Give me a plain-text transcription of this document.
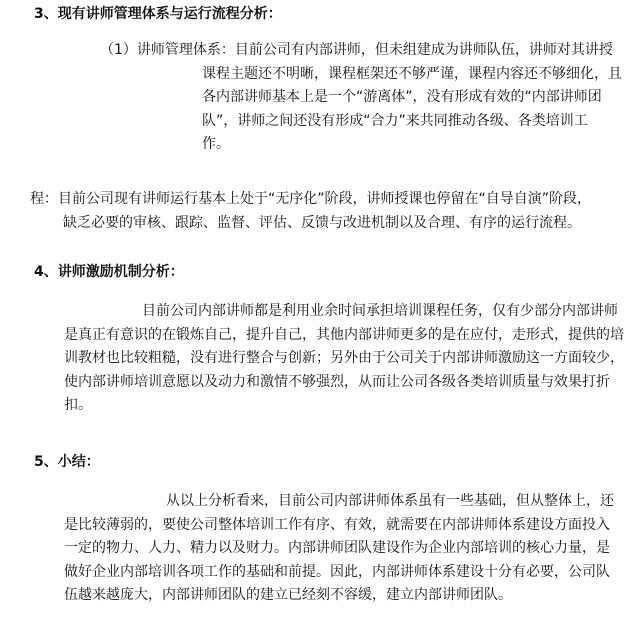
3、现有讲师管理体系与运行流程分析：
（1）讲师管理体系：目前公司有内部讲师，但未组建成为讲师队伍，讲师对其讲授
课程主题还不明晰，课程框架还不够严谨，课程内容还不够细化，且
各内部讲师基本上是一个“游离体”，没有形成有效的“内部讲师团
队”，讲师之间还没有形成“合力”来共同推动各级、各类培训工
作。
程：目前公司现有讲师运行基本上处于“无序化”阶段，讲师授课也停留在“自导自演”阶段，
缺乏必要的审核、跟踪、监督、评估、反馈与改进机制以及合理、有序的运行流程。
4、讲师激励机制分析：
目前公司内部讲师都是利用业余时间承担培训课程任务，仅有少部分内部讲师
是真正有意识的在锻炼自己，提升自己，其他内部讲师更多的是在应付，走形式，提供的培
训教材也比较粗糙，没有进行整合与创新；另外由于公司关于内部讲师激励这一方面较少，
使内部讲师培训意愿以及动力和激情不够强烈，从而让公司各级各类培训质量与效果打折
扣。
5、小结：
从以上分析看来，目前公司内部讲师体系虽有一些基础，但从整体上，还
是比较薄弱的，要使公司整体培训工作有序、有效，就需要在内部讲师体系建设方面投入
一定的物力、人力、精力以及财力。内部讲师团队建设作为企业内部培训的核心力量，是
做好企业内部培训各项工作的基础和前提。因此，内部讲师体系建设十分有必要，公司队
伍越来越庞大，内部讲师团队的建立已经刻不容缓，建立内部讲师团队。
